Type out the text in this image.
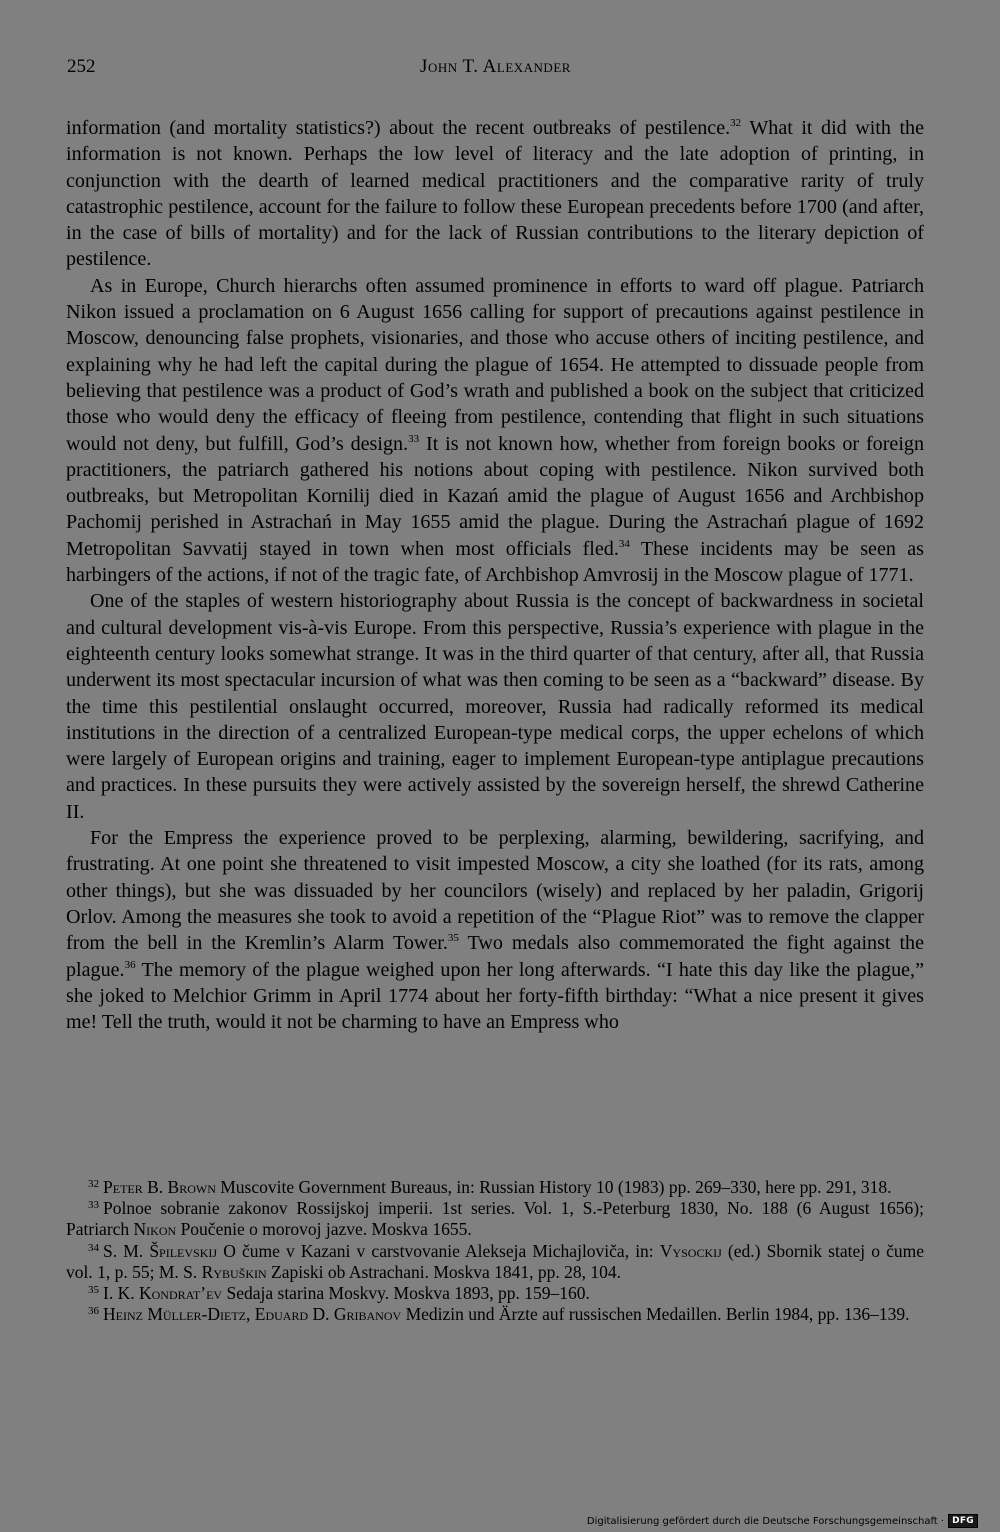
252	John T. Alexander

information (and mortality statistics?) about the recent outbreaks of pestilence.$^{32}$ What it did with the information is not known. Perhaps the low level of literacy and the late adoption of printing, in conjunction with the dearth of learned medical practitioners and the comparative rarity of truly catastrophic pestilence, account for the failure to follow these European precedents before 1700 (and after, in the case of bills of mortality) and for the lack of Russian contributions to the literary depiction of pestilence.

As in Europe, Church hierarchs often assumed prominence in efforts to ward off plague. Patriarch Nikon issued a proclamation on 6 August 1656 calling for support of precautions against pestilence in Moscow, denouncing false prophets, visionaries, and those who accuse others of inciting pestilence, and explaining why he had left the capital during the plague of 1654. He attempted to dissuade people from believing that pestilence was a product of God’s wrath and published a book on the subject that criticized those who would deny the efficacy of fleeing from pestilence, contending that flight in such situations would not deny, but fulfill, God’s design.$^{33}$ It is not known how, whether from foreign books or foreign practitioners, the patriarch gathered his notions about coping with pestilence. Nikon survived both outbreaks, but Metropolitan Kornilij died in Kazań amid the plague of August 1656 and Archbishop Pachomij perished in Astrachań in May 1655 amid the plague. During the Astrachań plague of 1692 Metropolitan Savvatij stayed in town when most officials fled.$^{34}$ These incidents may be seen as harbingers of the actions, if not of the tragic fate, of Archbishop Amvrosij in the Moscow plague of 1771.

One of the staples of western historiography about Russia is the concept of backwardness in societal and cultural development vis-à-vis Europe. From this perspective, Russia’s experience with plague in the eighteenth century looks somewhat strange. It was in the third quarter of that century, after all, that Russia underwent its most spectacular incursion of what was then coming to be seen as a “backward” disease. By the time this pestilential onslaught occurred, moreover, Russia had radically reformed its medical institutions in the direction of a centralized European-type medical corps, the upper echelons of which were largely of European origins and training, eager to implement European-type antiplague precautions and practices. In these pursuits they were actively assisted by the sovereign herself, the shrewd Catherine II.

For the Empress the experience proved to be perplexing, alarming, bewildering, sacrifying, and frustrating. At one point she threatened to visit impested Moscow, a city she loathed (for its rats, among other things), but she was dissuaded by her councilors (wisely) and replaced by her paladin, Grigorij Orlov. Among the measures she took to avoid a repetition of the “Plague Riot” was to remove the clapper from the bell in the Kremlin’s Alarm Tower.$^{35}$ Two medals also commemorated the fight against the plague.$^{36}$ The memory of the plague weighed upon her long afterwards. “I hate this day like the plague,” she joked to Melchior Grimm in April 1774 about her forty-fifth birthday: “What a nice present it gives me! Tell the truth, would it not be charming to have an Empress who

$^{32}$ Peter B. Brown Muscovite Government Bureaus, in: Russian History 10 (1983) pp. 269–330, here pp. 291, 318.

$^{33}$ Polnoe sobranie zakonov Rossijskoj imperii. 1st series. Vol. 1, S.-Peterburg 1830, No. 188 (6 August 1656); Patriarch Nikon Poučenie o morovoj jazve. Moskva 1655.

$^{34}$ S. M. Špilevskij O čume v Kazani v carstvovanie Alekseja Michajloviča, in: Vysockij (ed.) Sbornik statej o čume vol. 1, p. 55; M. S. Rybuškin Zapiski ob Astrachani. Moskva 1841, pp. 28, 104.

$^{35}$ I. K. Kondrat’ev Sedaja starina Moskvy. Moskva 1893, pp. 159–160.

$^{36}$ Heinz Müller-Dietz, Eduard D. Gribanov Medizin und Ärzte auf russischen Medaillen. Berlin 1984, pp. 136–139.

Digitalisierung gefördert durch die Deutsche Forschungsgemeinschaft · DFG
